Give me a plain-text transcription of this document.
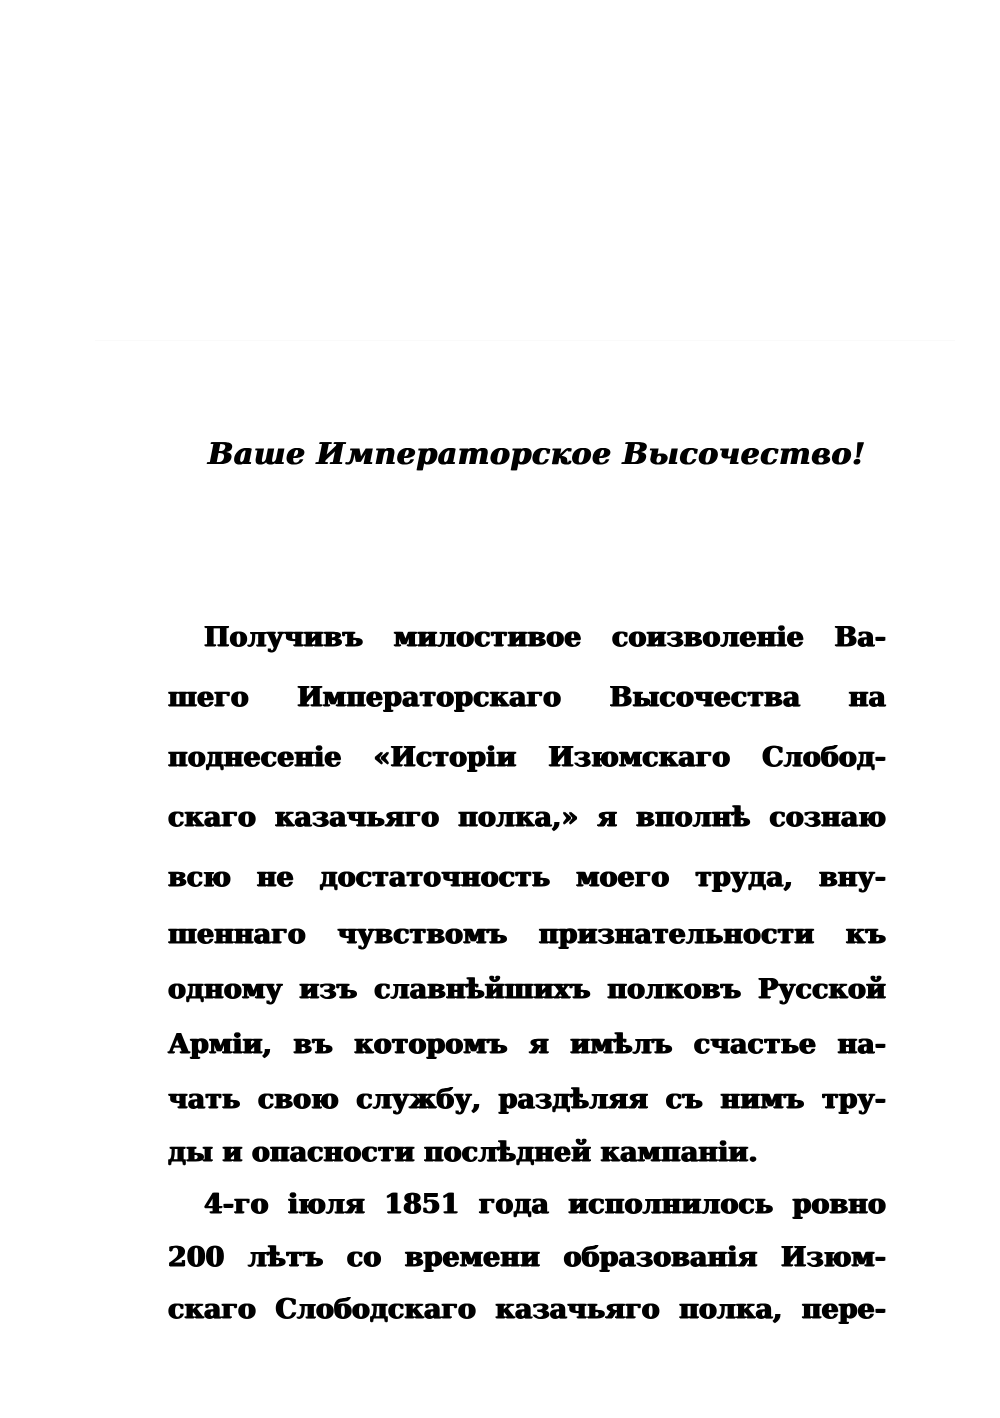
Ваше Императорское Высочество!
Получивъ милостивое соизволеніе Ва-
шего Императорскаго Высочества на
поднесеніе «Исторіи Изюмскаго Слобод-
скаго казачьяго полка,» я вполнѣ сознаю
всю не достаточность моего труда, вну-
шеннаго чувствомъ признательности къ
одному изъ славнѣйшихъ полковъ Русской
Арміи, въ которомъ я имѣлъ счастье на-
чать свою службу, раздѣляя съ нимъ тру-
ды и опасности послѣдней кампаніи.
4-го іюля 1851 года исполнилось ровно
200 лѣтъ со времени образованія Изюм-
скаго Слободскаго казачьяго полка, пере-
